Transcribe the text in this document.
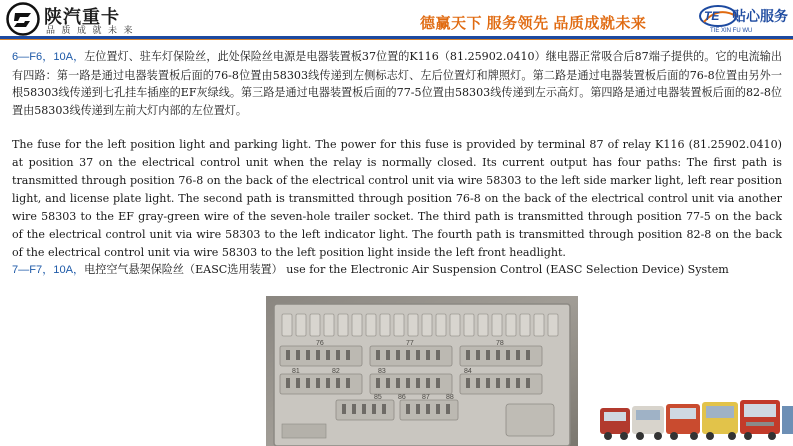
陕汽重卡
品 质 成 就 未 来	德赢天下 服务领先 品质成就未来	TE 贴心服务
TIE XIN FU WU
6—F6，10A，左位置灯、驻车灯保险丝，此处保险丝电源是电器装置板37位置的K116（81.25902.0410）继电器正常吸合后87端子提供的。它的电流输出有四路：第一路是通过电器装置板后面的76-8位置由58303线传递到左侧标志灯、左后位置灯和牌照灯。第二路是通过电器装置板后面的76-8位置由另外一根58303线传递到七孔挂车插座的EF灰绿线。第三路是通过电器装置板后面的77-5位置由58303线传递到左示高灯。第四路是通过电器装置板后面的82-8位置由58303线传递到左前大灯内部的左位置灯。
The fuse for the left position light and parking light. The power for this fuse is provided by terminal 87 of relay K116 (81.25902.0410) at position 37 on the electrical control unit when the relay is normally closed. Its current output has four paths: The first path is transmitted through position 76-8 on the back of the electrical control unit via wire 58303 to the left side marker light, left rear position light, and license plate light. The second path is transmitted through position 76-8 on the back of the electrical control unit via another wire 58303 to the EF gray-green wire of the seven-hole trailer socket. The third path is transmitted through position 77-5 on the back of the electrical control unit via wire 58303 to the left indicator light. The fourth path is transmitted through position 82-8 on the back of the electrical control unit via wire 58303 to the left position light inside the left front headlight.
7—F7，10A，电控空气悬架保险丝（EASC选用装置） use for the Electronic Air Suspension Control (EASC Selection Device) System
76	77	78
81	82	83	84
85 86 87 88
